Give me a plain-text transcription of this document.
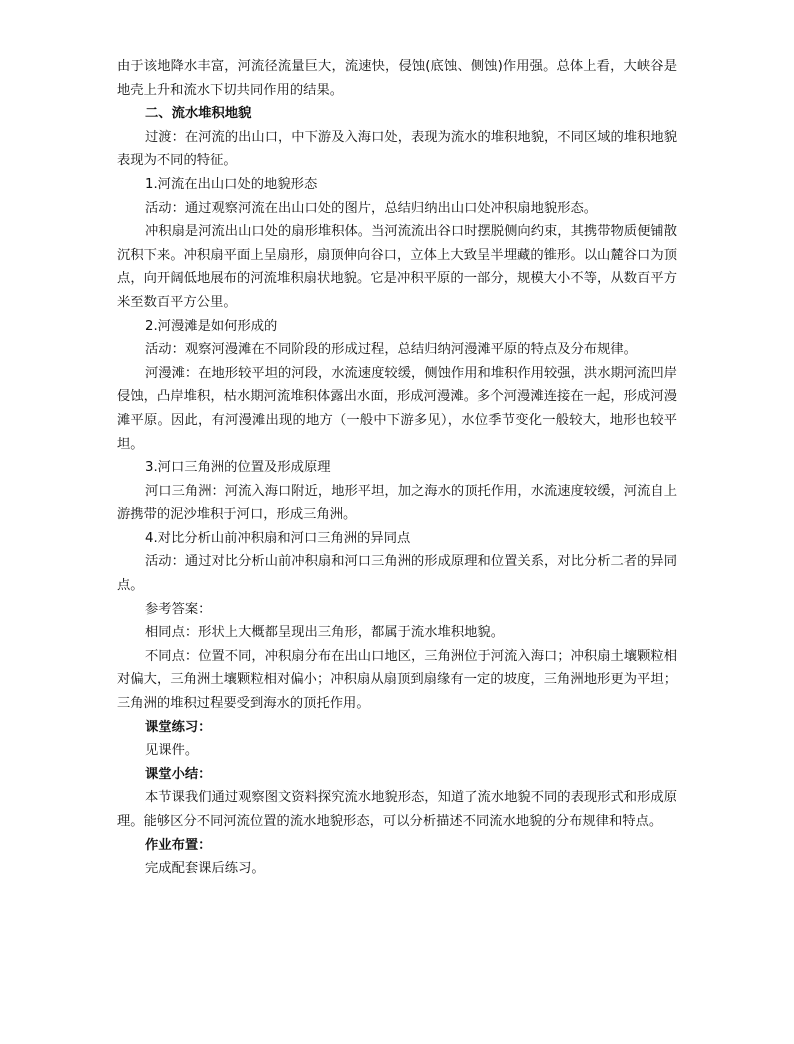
由于该地降水丰富，河流径流量巨大，流速快，侵蚀(底蚀、侧蚀)作用强。总体上看，大峡谷是地壳上升和流水下切共同作用的结果。

二、流水堆积地貌

过渡：在河流的出山口，中下游及入海口处，表现为流水的堆积地貌，不同区域的堆积地貌表现为不同的特征。

1.河流在出山口处的地貌形态

活动：通过观察河流在出山口处的图片，总结归纳出山口处冲积扇地貌形态。

冲积扇是河流出山口处的扇形堆积体。当河流流出谷口时摆脱侧向约束，其携带物质便铺散沉积下来。冲积扇平面上呈扇形，扇顶伸向谷口，立体上大致呈半埋藏的锥形。以山麓谷口为顶点，向开阔低地展布的河流堆积扇状地貌。它是冲积平原的一部分，规模大小不等，从数百平方米至数百平方公里。

2.河漫滩是如何形成的

活动：观察河漫滩在不同阶段的形成过程，总结归纳河漫滩平原的特点及分布规律。

河漫滩：在地形较平坦的河段，水流速度较缓，侧蚀作用和堆积作用较强，洪水期河流凹岸侵蚀，凸岸堆积，枯水期河流堆积体露出水面，形成河漫滩。多个河漫滩连接在一起，形成河漫滩平原。因此，有河漫滩出现的地方（一般中下游多见），水位季节变化一般较大，地形也较平坦。

3.河口三角洲的位置及形成原理

河口三角洲：河流入海口附近，地形平坦，加之海水的顶托作用，水流速度较缓，河流自上游携带的泥沙堆积于河口，形成三角洲。

4.对比分析山前冲积扇和河口三角洲的异同点

活动：通过对比分析山前冲积扇和河口三角洲的形成原理和位置关系，对比分析二者的异同点。

参考答案：

相同点：形状上大概都呈现出三角形，都属于流水堆积地貌。

不同点：位置不同，冲积扇分布在出山口地区，三角洲位于河流入海口；冲积扇土壤颗粒相对偏大，三角洲土壤颗粒相对偏小；冲积扇从扇顶到扇缘有一定的坡度，三角洲地形更为平坦；三角洲的堆积过程要受到海水的顶托作用。

课堂练习：

见课件。

课堂小结：

本节课我们通过观察图文资料探究流水地貌形态，知道了流水地貌不同的表现形式和形成原理。能够区分不同河流位置的流水地貌形态，可以分析描述不同流水地貌的分布规律和特点。

作业布置：

完成配套课后练习。
